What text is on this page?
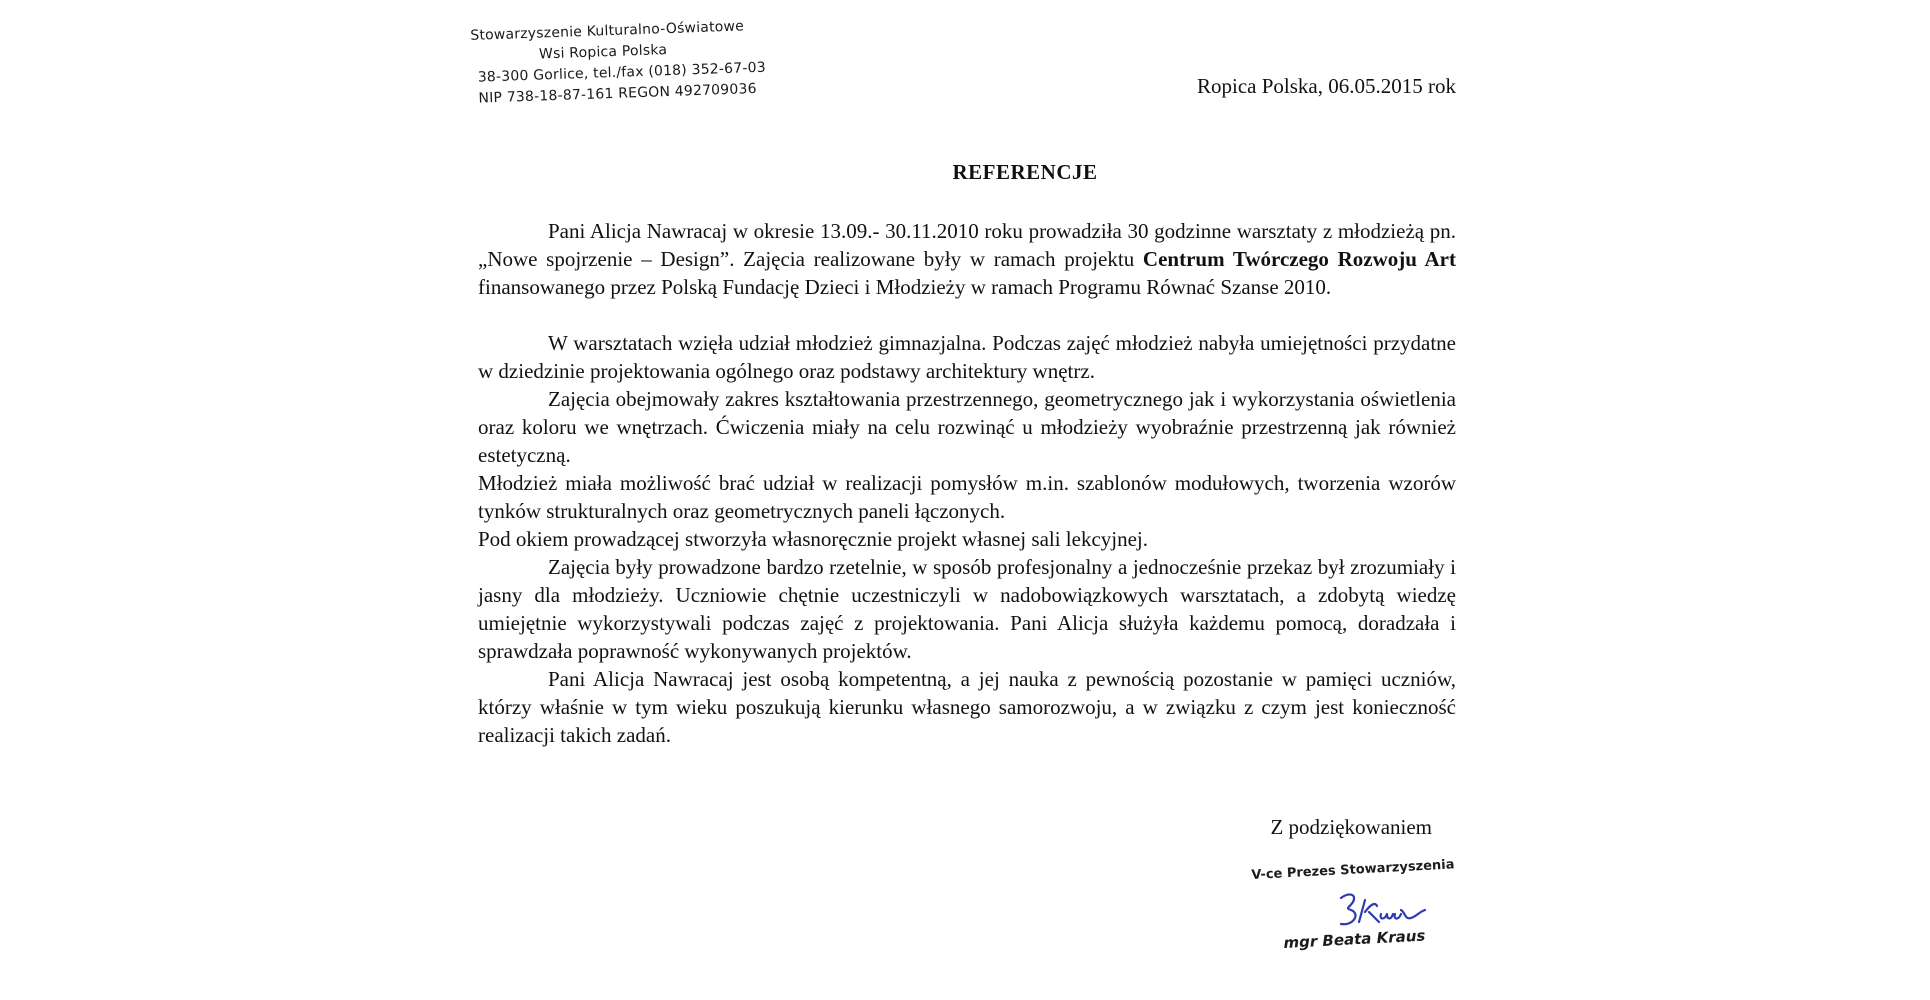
Stowarzyszenie Kulturalno-Oświatowe
Wsi Ropica Polska
38-300 Gorlice, tel./fax (018) 352-67-03
NIP 738-18-87-161 REGON 492709036	Ropica Polska, 06.05.2015 rok
REFERENCJE

Pani Alicja Nawracaj w okresie 13.09.- 30.11.2010 roku prowadziła 30 godzinne warsztaty z młodzieżą pn. „Nowe spojrzenie – Design”. Zajęcia realizowane były w ramach projektu Centrum Twórczego Rozwoju Art finansowanego przez Polską Fundację Dzieci i Młodzieży w ramach Programu Równać Szanse 2010.

W warsztatach wzięła udział młodzież gimnazjalna. Podczas zajęć młodzież nabyła umiejętności przydatne w dziedzinie projektowania ogólnego oraz podstawy architektury wnętrz.

Zajęcia obejmowały zakres kształtowania przestrzennego, geometrycznego jak i wykorzystania oświetlenia oraz koloru we wnętrzach. Ćwiczenia miały na celu rozwinąć u młodzieży wyobraźnie przestrzenną jak również estetyczną.

Młodzież miała możliwość brać udział w realizacji pomysłów m.in. szablonów modułowych, tworzenia wzorów tynków strukturalnych oraz geometrycznych paneli łączonych.

Pod okiem prowadzącej stworzyła własnoręcznie projekt własnej sali lekcyjnej.

Zajęcia były prowadzone bardzo rzetelnie, w sposób profesjonalny a jednocześnie przekaz był zrozumiały i jasny dla młodzieży. Uczniowie chętnie uczestniczyli w nadobowiązkowych warsztatach, a zdobytą wiedzę umiejętnie wykorzystywali podczas zajęć z projektowania. Pani Alicja służyła każdemu pomocą, doradzała i sprawdzała poprawność wykonywanych projektów.

Pani Alicja Nawracaj jest osobą kompetentną, a jej nauka z pewnością pozostanie w pamięci uczniów, którzy właśnie w tym wieku poszukują kierunku własnego samorozwoju, a w związku z czym jest konieczność realizacji takich zadań.

Z podziękowaniem
V-ce Prezes Stowarzyszenia
mgr Beata Kraus
